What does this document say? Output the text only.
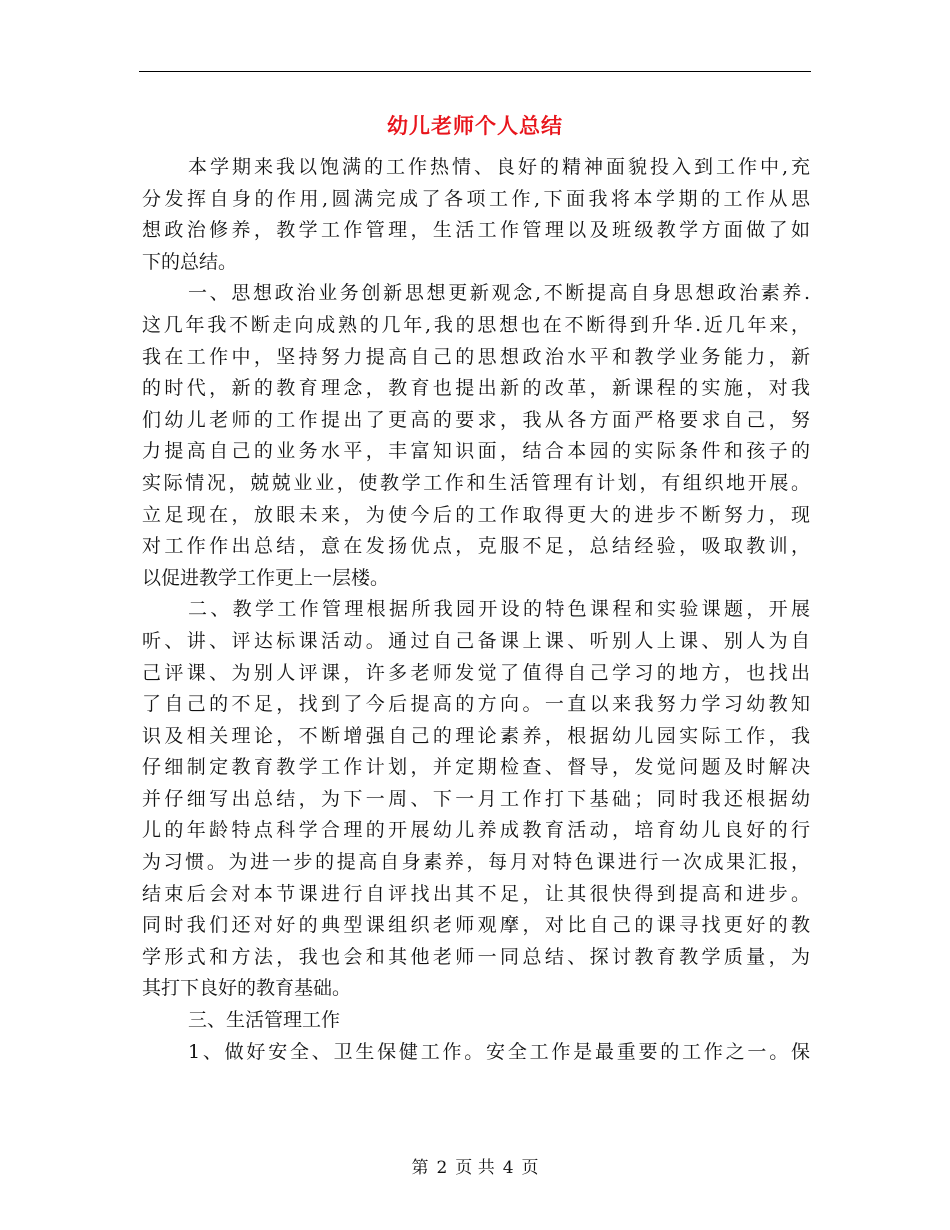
幼儿老师个人总结
本学期来我以饱满的工作热情、良好的精神面貌投入到工作中,充
分发挥自身的作用,圆满完成了各项工作,下面我将本学期的工作从思
想政治修养，教学工作管理，生活工作管理以及班级教学方面做了如
下的总结。
一、思想政治业务创新思想更新观念,不断提高自身思想政治素养.
这几年我不断走向成熟的几年,我的思想也在不断得到升华.近几年来，
我在工作中，坚持努力提高自己的思想政治水平和教学业务能力，新
的时代，新的教育理念，教育也提出新的改革，新课程的实施，对我
们幼儿老师的工作提出了更高的要求，我从各方面严格要求自己，努
力提高自己的业务水平，丰富知识面，结合本园的实际条件和孩子的
实际情况，兢兢业业，使教学工作和生活管理有计划，有组织地开展。
立足现在，放眼未来，为使今后的工作取得更大的进步不断努力，现
对工作作出总结，意在发扬优点，克服不足，总结经验，吸取教训，
以促进教学工作更上一层楼。
二、教学工作管理根据所我园开设的特色课程和实验课题，开展
听、讲、评达标课活动。通过自己备课上课、听别人上课、别人为自
己评课、为别人评课，许多老师发觉了值得自己学习的地方，也找出
了自己的不足，找到了今后提高的方向。一直以来我努力学习幼教知
识及相关理论，不断增强自己的理论素养，根据幼儿园实际工作，我
仔细制定教育教学工作计划，并定期检查、督导，发觉问题及时解决
并仔细写出总结，为下一周、下一月工作打下基础；同时我还根据幼
儿的年龄特点科学合理的开展幼儿养成教育活动，培育幼儿良好的行
为习惯。为进一步的提高自身素养，每月对特色课进行一次成果汇报，
结束后会对本节课进行自评找出其不足，让其很快得到提高和进步。
同时我们还对好的典型课组织老师观摩，对比自己的课寻找更好的教
学形式和方法，我也会和其他老师一同总结、探讨教育教学质量，为
其打下良好的教育基础。
三、生活管理工作
1、做好安全、卫生保健工作。安全工作是最重要的工作之一。保
第 2 页 共 4 页
